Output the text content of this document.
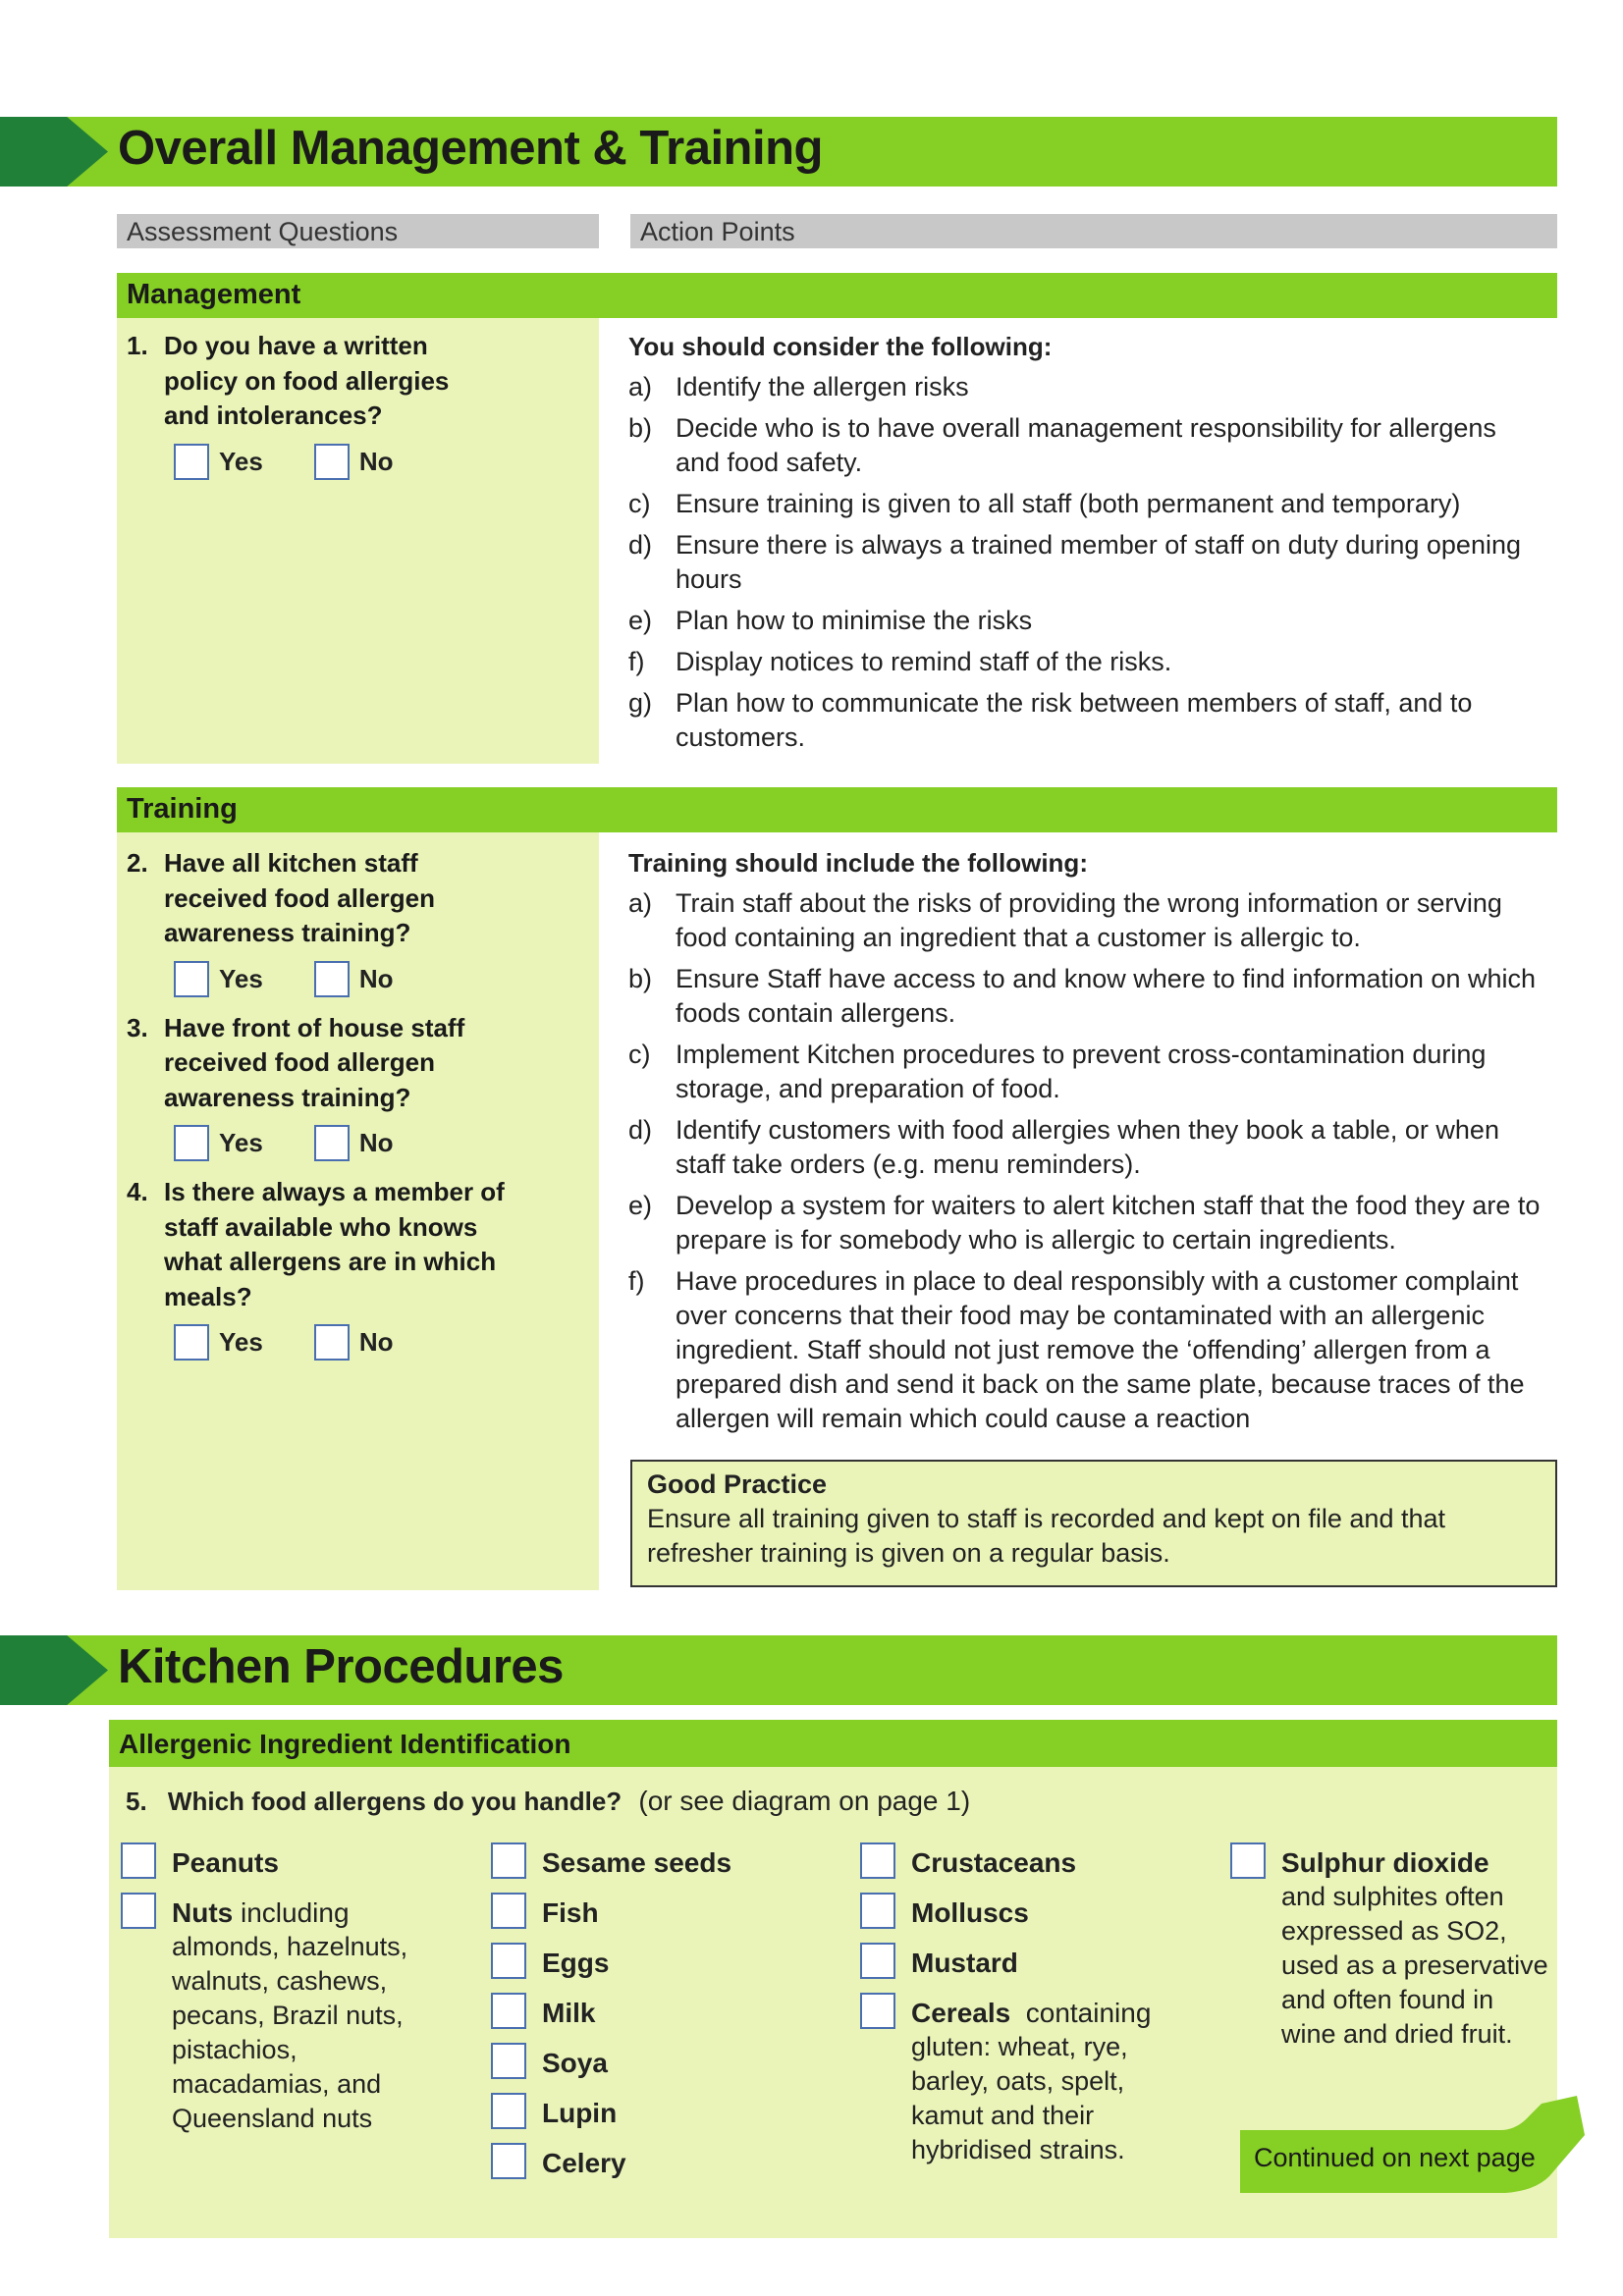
Overall Management & Training
Assessment Questions	Action Points
Management
1. Do you have a written policy on food allergies and intolerances?
Yes	No
You should consider the following:
a) Identify the allergen risks
b) Decide who is to have overall management responsibility for allergens and food safety.
c) Ensure training is given to all staff (both permanent and temporary)
d) Ensure there is always a trained member of staff on duty during opening hours
e) Plan how to minimise the risks
f)	Display notices to remind staff of the risks.
g) Plan how to communicate the risk between members of staff, and to customers.
Training
2. Have all kitchen staff received food allergen awareness training?
Yes	No
3. Have front of house staff received food allergen awareness training?
Yes	No
4. Is there always a member of staff available who knows what allergens are in which meals?
Yes	No
Training should include the following:
a) Train staff about the risks of providing the wrong information or serving food containing an ingredient that a customer is allergic to.
b) Ensure Staff have access to and know where to find information on which foods contain allergens.
c) Implement Kitchen procedures to prevent cross-contamination during storage, and preparation of food.
d) Identify customers with food allergies when they book a table, or when staff take orders (e.g. menu reminders).
e) Develop a system for waiters to alert kitchen staff that the food they are to prepare is for somebody who is allergic to certain ingredients.
f)	Have procedures in place to deal responsibly with a customer complaint over concerns that their food may be contaminated with an allergenic ingredient. Staff should not just remove the ‘offending’ allergen from a prepared dish and send it back on the same plate, because traces of the allergen will remain which could cause a reaction
Good Practice
Ensure all training given to staff is recorded and kept on file and that refresher training is given on a regular basis.
Kitchen Procedures
Allergenic Ingredient Identification
5. Which food allergens do you handle? (or see diagram on page 1)
Peanuts
Nuts including
almonds, hazelnuts, walnuts, cashews, pecans, Brazil nuts, pistachios, macadamias, and Queensland nuts
Sesame seeds
Fish
Eggs
Milk
Soya
Lupin
Celery
Crustaceans
Molluscs
Mustard
Cereals  containing
gluten: wheat, rye, barley, oats, spelt, kamut and their hybridised strains.
Sulphur dioxide
and sulphites often expressed as SO2, used as a preservative and often found in wine and dried fruit.
Continued on next page
